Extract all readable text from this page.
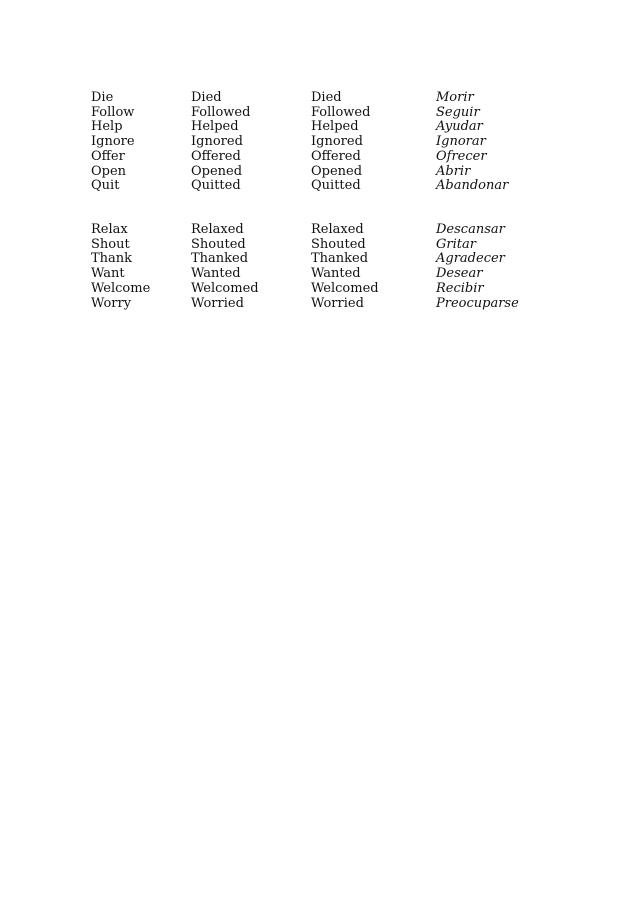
Die	Died	Died	Morir
Follow	Followed	Followed	Seguir
Help	Helped	Helped	Ayudar
Ignore	Ignored	Ignored	Ignorar
Offer	Offered	Offered	Ofrecer
Open	Opened	Opened	Abrir
Quit	Quitted	Quitted	Abandonar
Relax	Relaxed	Relaxed	Descansar
Shout	Shouted	Shouted	Gritar
Thank	Thanked	Thanked	Agradecer
Want	Wanted	Wanted	Desear
Welcome	Welcomed	Welcomed	Recibir
Worry	Worried	Worried	Preocuparse
